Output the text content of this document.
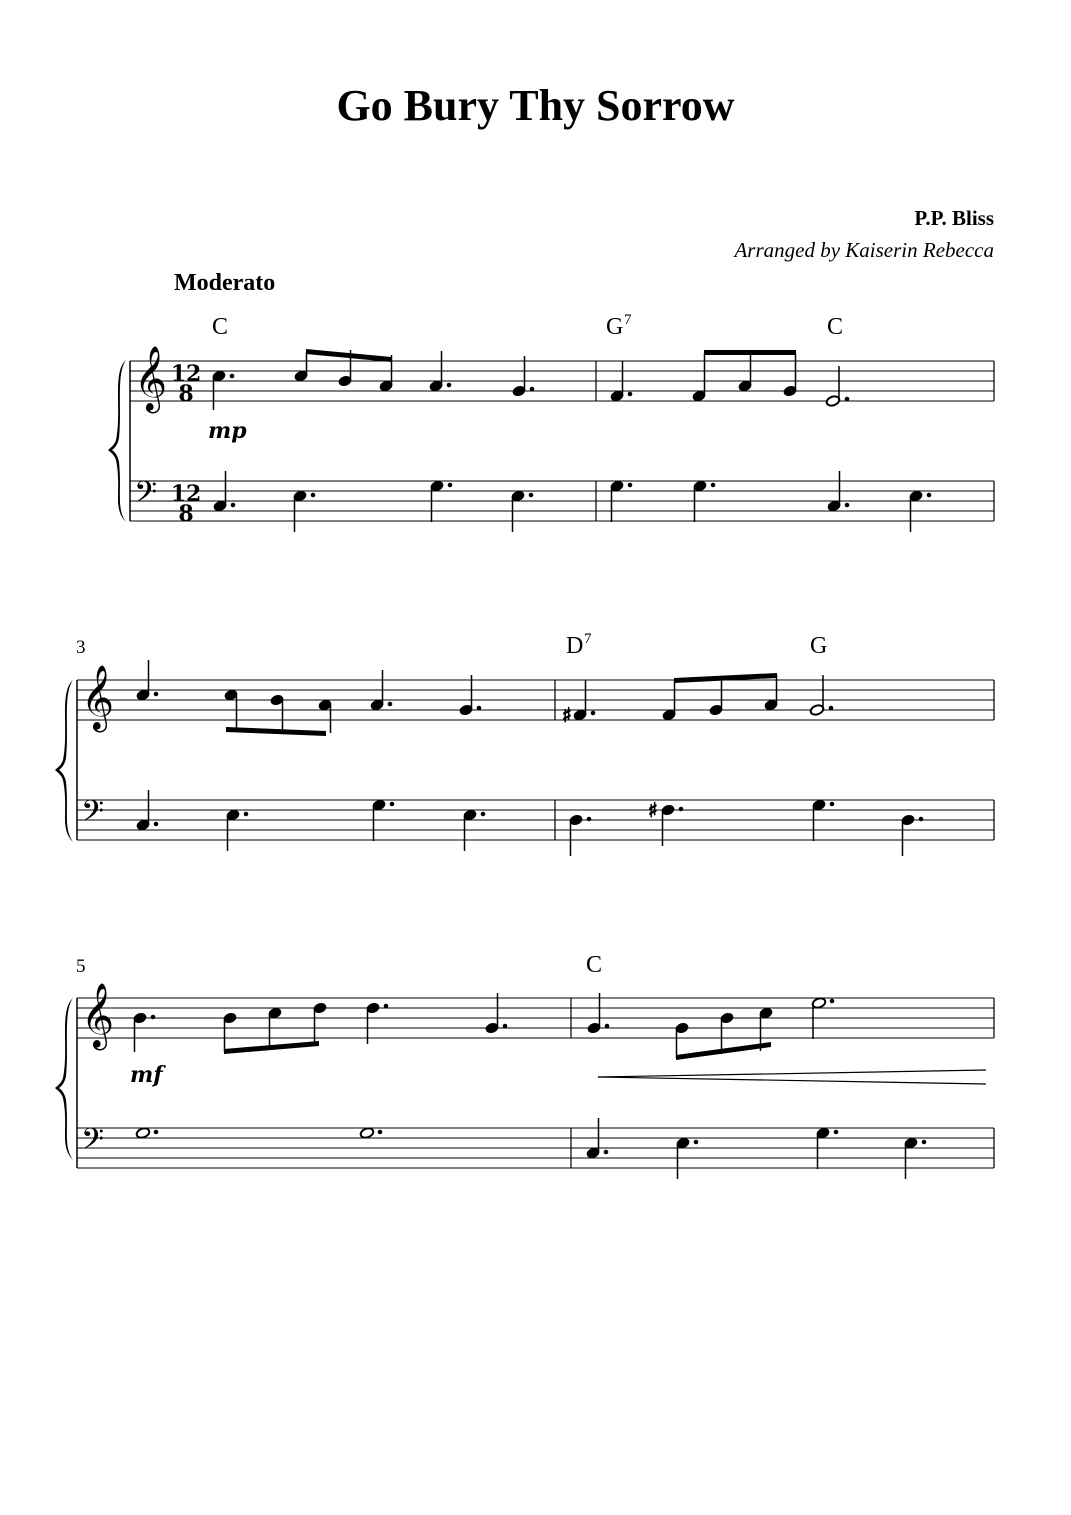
Go Bury Thy Sorrow
P.P. Bliss
Arranged by Kaiserin Rebecca
Moderato
C	G 7	C
𝄞
𝄢
12
8
12
8
mp
3	D 7	G
𝄞
𝄢
♯
♯
5	C
𝄞
𝄢
mf
